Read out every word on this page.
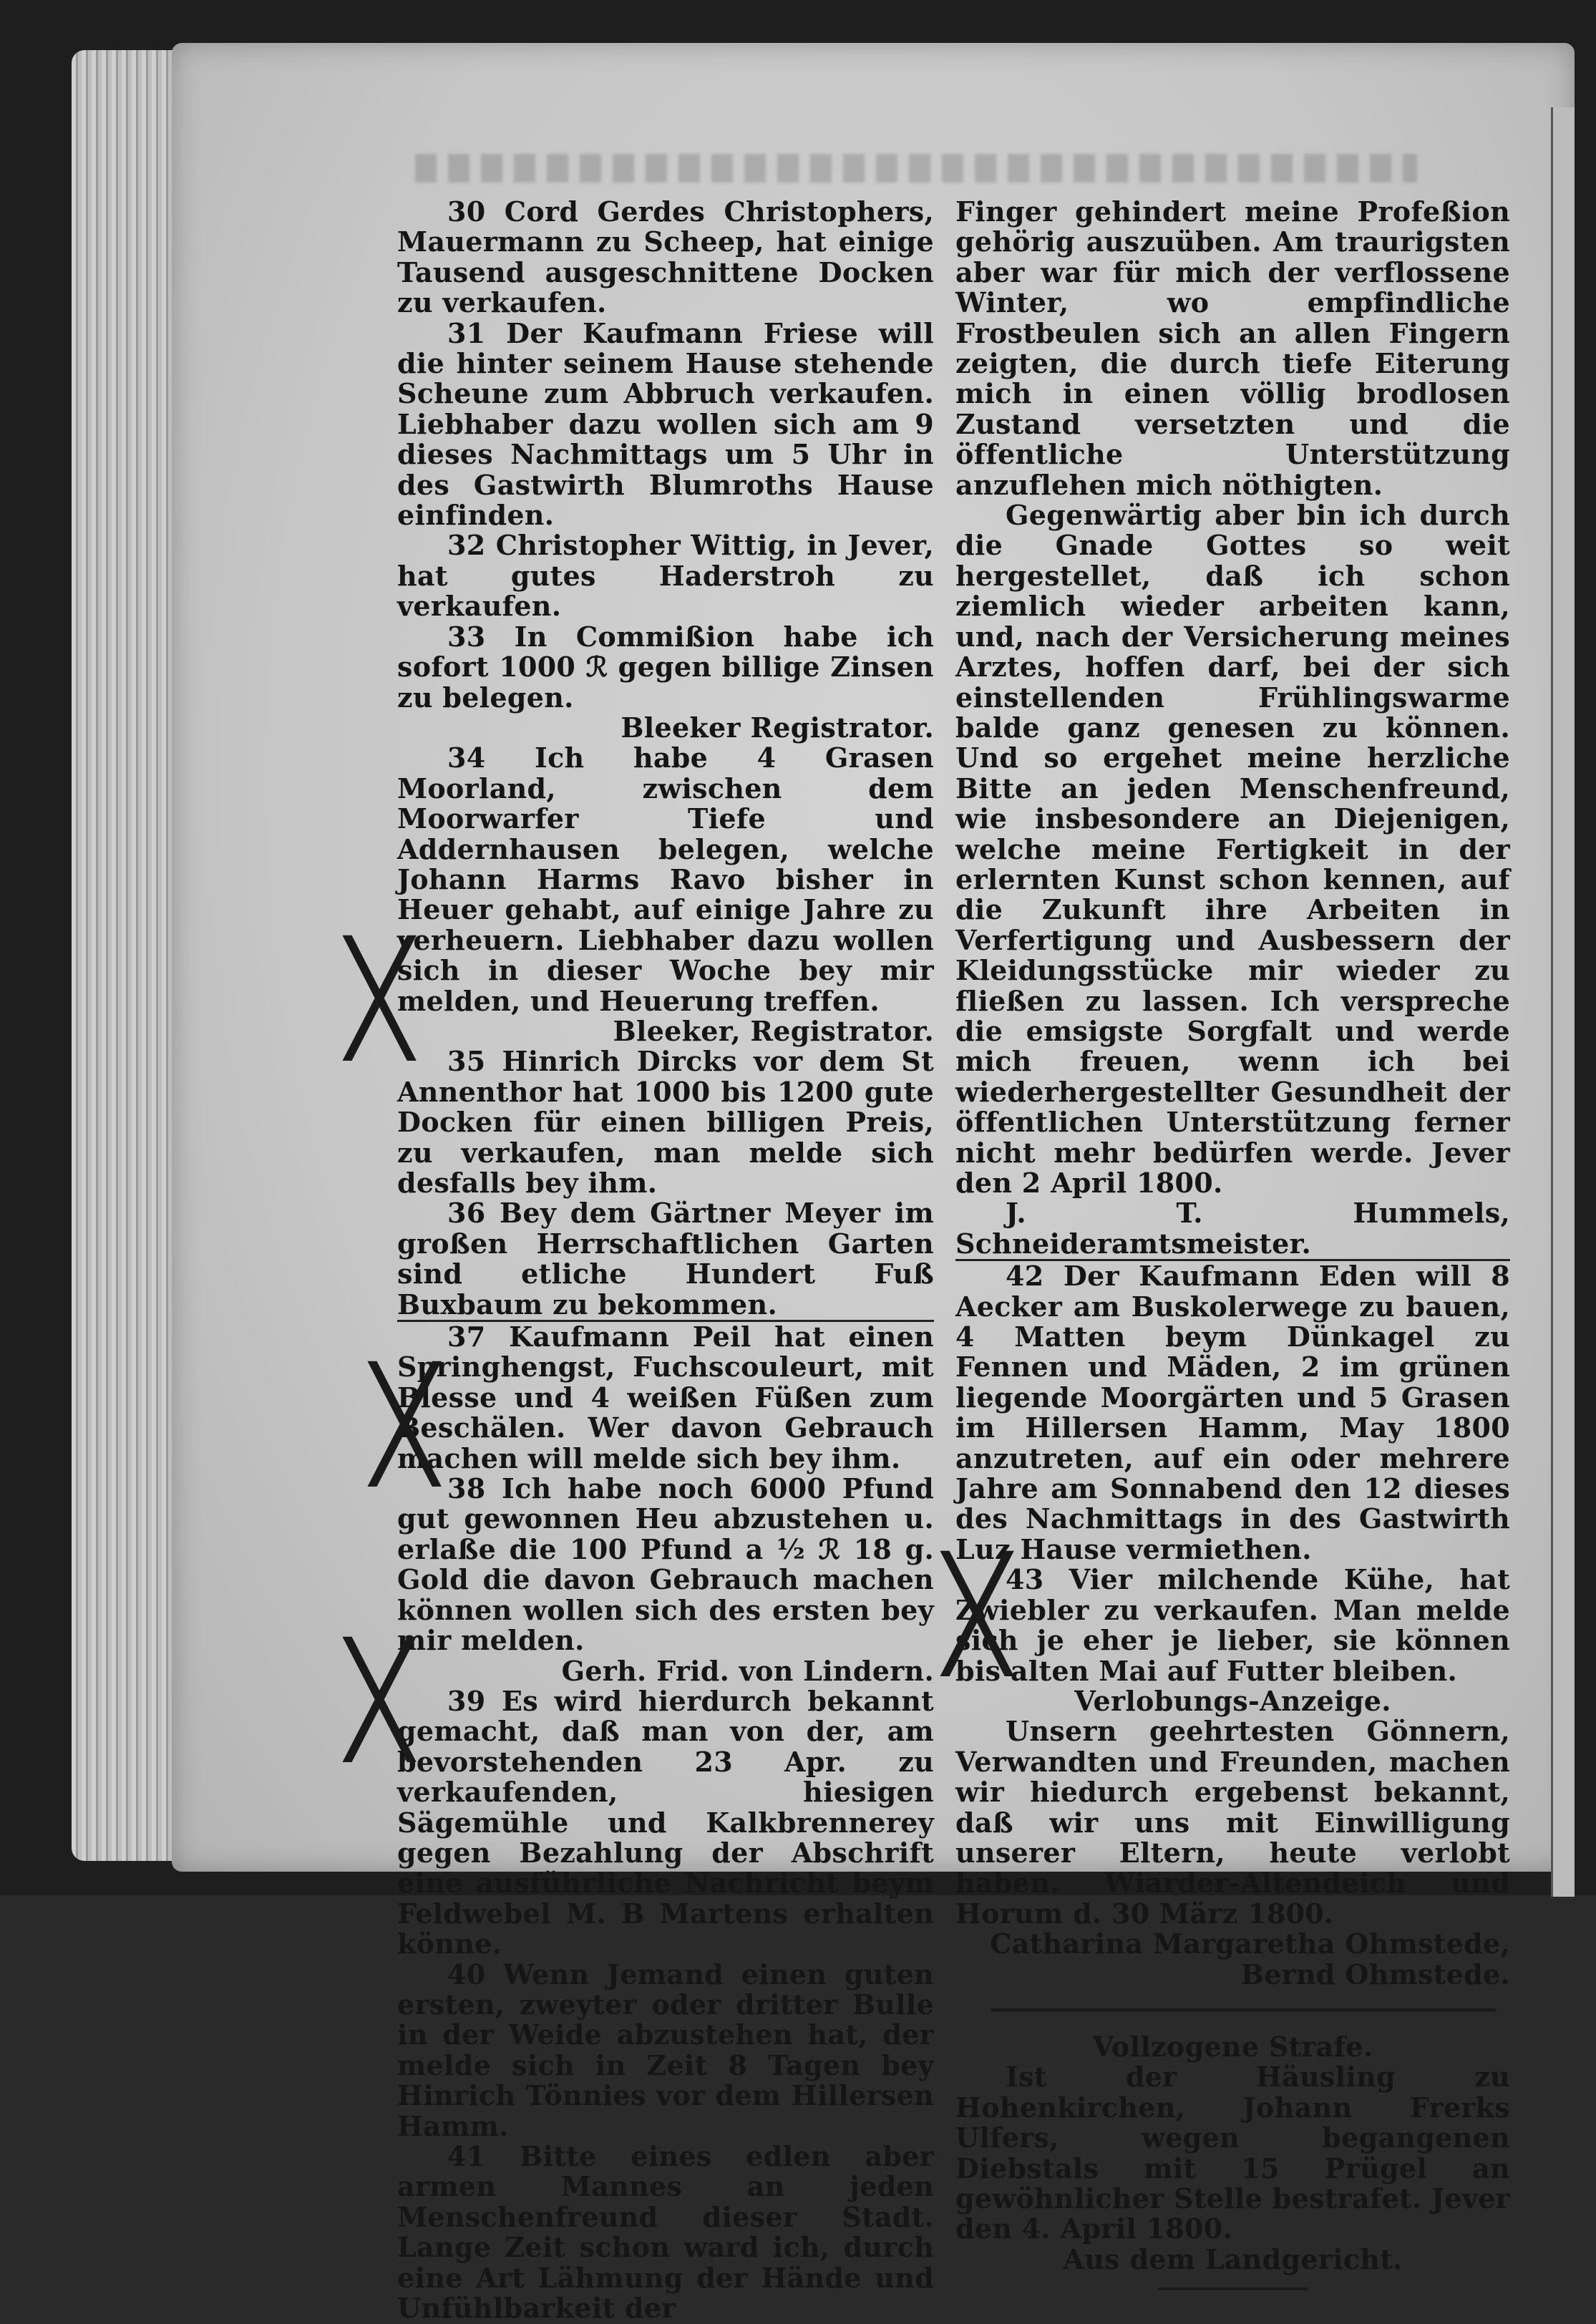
30 Cord Gerdes Christophers, Mauermann zu Scheep, hat einige Tausend ausgeschnittene Docken zu verkaufen.

31 Der Kaufmann Friese will die hinter seinem Hause stehende Scheune zum Abbruch verkaufen. Liebhaber dazu wollen sich am 9 dieses Nachmittags um 5 Uhr in des Gastwirth Blumroths Hause einfinden.

32 Christopher Wittig, in Jever, hat gutes Haderstroh zu verkaufen.

33 In Commißion habe ich sofort 1000 ℛ gegen billige Zinsen zu belegen.

Bleeker Registrator.

34 Ich habe 4 Grasen Moorland, zwischen dem Moorwarfer Tiefe und Addernhausen belegen, welche Johann Harms Ravo bisher in Heuer gehabt, auf einige Jahre zu verheuern. Liebhaber dazu wollen sich in dieser Woche bey mir melden, und Heuerung treffen.

Bleeker, Registrator.

35 Hinrich Dircks vor dem St Annenthor hat 1000 bis 1200 gute Docken für einen billigen Preis, zu verkaufen, man melde sich desfalls bey ihm.

36 Bey dem Gärtner Meyer im großen Herrschaftlichen Garten sind etliche Hundert Fuß Buxbaum zu bekommen.

37 Kaufmann Peil hat einen Springhengst, Fuchscouleurt, mit Blesse und 4 weißen Füßen zum Beschälen. Wer davon Gebrauch machen will melde sich bey ihm.

38 Ich habe noch 6000 Pfund gut gewonnen Heu abzustehen u. erlaße die 100 Pfund a ½ ℛ 18 g. Gold die davon Gebrauch machen können wollen sich des ersten bey mir melden.

Gerh. Frid. von Lindern.

39 Es wird hierdurch bekannt gemacht, daß man von der, am bevorstehenden 23 Apr. zu verkaufenden, hiesigen Sägemühle und Kalkbrennerey gegen Bezahlung der Abschrift eine ausführliche Nachricht beym Feldwebel M. B Martens erhalten könne.

40 Wenn Jemand einen guten ersten, zweyter oder dritter Bulle in der Weide abzustehen hat, der melde sich in Zeit 8 Tagen bey Hinrich Tönnies vor dem Hillersen Hamm.

41 Bitte eines edlen aber armen Mannes an jeden Menschenfreund dieser Stadt. Lange Zeit schon ward ich, durch eine Art Lähmung der Hände und Unfühlbarkeit der

Finger gehindert meine Profeßion gehörig auszuüben. Am traurigsten aber war für mich der verflossene Winter, wo empfindliche Frostbeulen sich an allen Fingern zeigten, die durch tiefe Eiterung mich in einen völlig brodlosen Zustand versetzten und die öffentliche Unterstützung anzuflehen mich nöthigten.

Gegenwärtig aber bin ich durch die Gnade Gottes so weit hergestellet, daß ich schon ziemlich wieder arbeiten kann, und, nach der Versicherung meines Arztes, hoffen darf, bei der sich einstellenden Frühlingswarme balde ganz genesen zu können. Und so ergehet meine herzliche Bitte an jeden Menschenfreund, wie insbesondere an Diejenigen, welche meine Fertigkeit in der erlernten Kunst schon kennen, auf die Zukunft ihre Arbeiten in Verfertigung und Ausbessern der Kleidungsstücke mir wieder zu fließen zu lassen. Ich verspreche die emsigste Sorgfalt und werde mich freuen, wenn ich bei wiederhergestellter Gesundheit der öffentlichen Unterstützung ferner nicht mehr bedürfen werde. Jever den 2 April 1800.

J. T. Hummels, Schneideramtsmeister.

42 Der Kaufmann Eden will 8 Aecker am Buskolerwege zu bauen, 4 Matten beym Dünkagel zu Fennen und Mäden, 2 im grünen liegende Moorgärten und 5 Grasen im Hillersen Hamm, May 1800 anzutreten, auf ein oder mehrere Jahre am Sonnabend den 12 dieses des Nachmittags in des Gastwirth Luz Hause vermiethen.

43 Vier milchende Kühe, hat Zwiebler zu verkaufen. Man melde sich je eher je lieber, sie können bis alten Mai auf Futter bleiben.

Verlobungs-Anzeige.

Unsern geehrtesten Gönnern, Verwandten und Freunden, machen wir hiedurch ergebenst bekannt, daß wir uns mit Einwilligung unserer Eltern, heute verlobt haben. Wiarder-Altendeich und Horum d. 30 März 1800.

Catharina Margaretha Ohmstede,

Bernd Ohmstede.

Vollzogene Strafe.

Ist der Häusling zu Hohenkirchen, Johann Frerks Ulfers, wegen begangenen Diebstals mit 15 Prügel an gewöhnlicher Stelle bestrafet. Jever den 4. April 1800.

Aus dem Landgericht.

╳
╳
╳
╳
